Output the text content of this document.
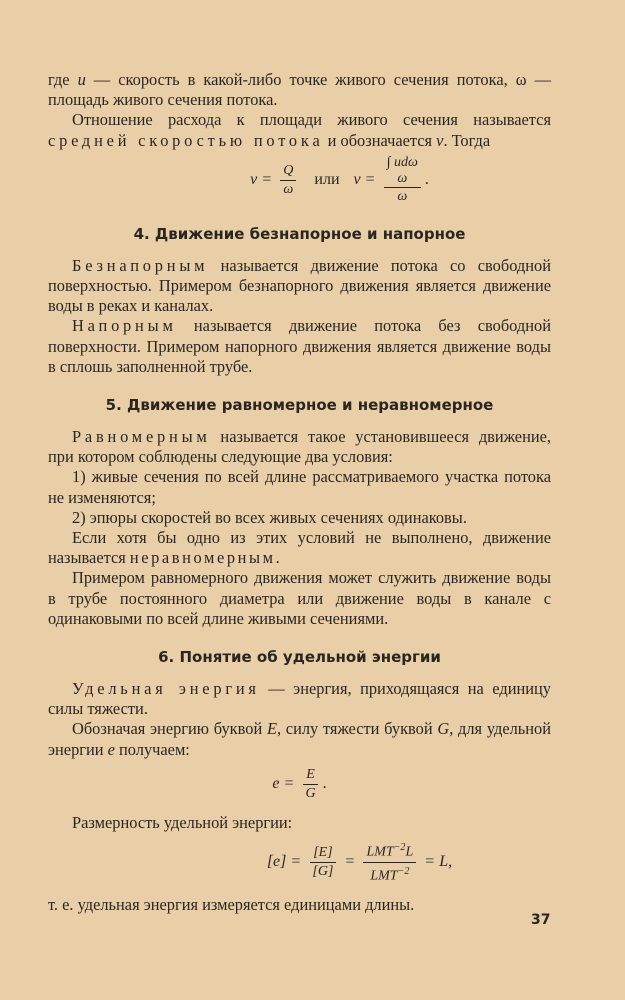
где u — скорость в какой-либо точке живого сечения потока, ω — площадь живого сечения потока.

Отношение расхода к площади живого сечения называется средней скоростью потока и обозначается v. Тогда

$v = \frac{Q}{\omega}$ или v = ∫ udω
ω
ω .
4. Движение безнапорное и напорное

Безнапорным называется движение потока со свободной поверхностью. Примером безнапорного движения является движение воды в реках и каналах.

Напорным называется движение потока без свободной поверхности. Примером напорного движения является движение воды в сплошь заполненной трубе.

5. Движение равномерное и неравномерное

Равномерным называется такое установившееся движение, при котором соблюдены следующие два условия:

1) живые сечения по всей длине рассматриваемого участка потока не изменяются;

2) эпюры скоростей во всех живых сечениях одинаковы.

Если хотя бы одно из этих условий не выполнено, движение называется неравномерным.

Примером равномерного движения может служить движение воды в трубе постоянного диаметра или движение воды в канале с одинаковыми по всей длине живыми сечениями.

6. Понятие об удельной энергии

Удельная энергия — энергия, приходящаяся на единицу силы тяжести.

Обозначая энергию буквой E, силу тяжести буквой G, для удельной энергии e получаем:

$e = \frac{E}{G}$ .

Размерность удельной энергии:

$[e] = \frac{[E]}{[G]} = \frac{LMT^{-2}L}{LMT^{-2}} = L$,

т. е. удельная энергия измеряется единицами длины.

37
